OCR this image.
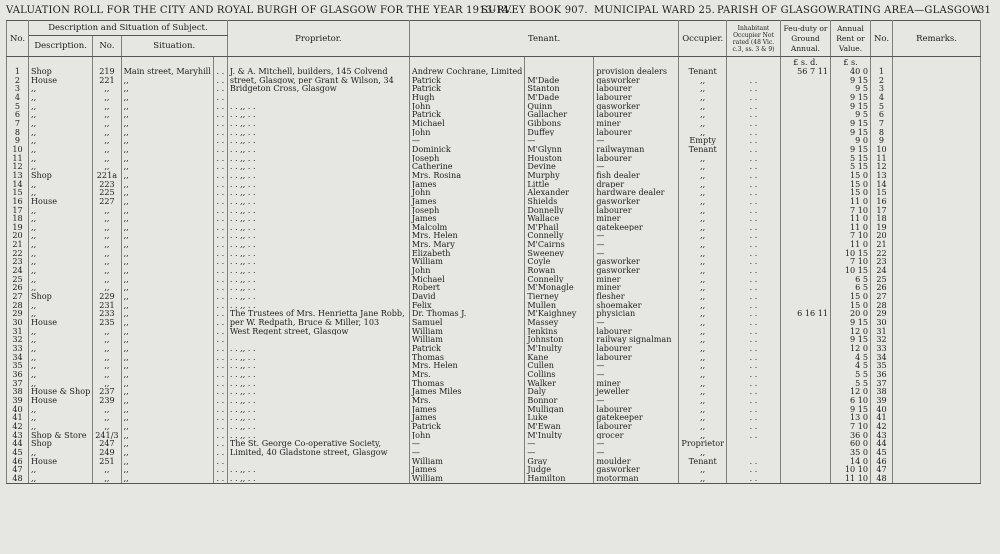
VALUATION ROLL FOR THE CITY AND ROYAL BURGH OF GLASGOW FOR THE YEAR 1913-14.
SURVEY BOOK 907. MUNICIPAL WARD 25. PARISH OF GLASGOW. RATING AREA—GLASGOW
31
No.	Description and Situation of Subject.				Proprietor.	Tenant.			Occupier.	Inhabitant Occupier Not rated (48 Vic. c.3, ss. 3 & 9)	Feu-duty or Ground Annual.	Annual Rent or Value.	No.	Remarks.
	Description.	No.	Situation.											
											£ s. d.	£ s.		
1	Shop	219	Main street, Maryhill	. .	J. & A. Mitchell, builders, 145 Colvend	Andrew Cochrane, Limited		provision dealers	Tenant		56 7 11	40 0	1	
2	House	221	,,	. .	street, Glasgow, per Grant & Wilson, 34	Patrick	M'Dade	gasworker	,,	. .		9 15	2	
3	,,	,,	,,	. .	Bridgeton Cross, Glasgow	Patrick	Stanton	labourer	,,	. .		9 5	3	
4	,,	,,	,,	. .		Hugh	M'Dade	labourer	,,	. .		9 15	4	
5	,,	,,	,,	. .	. . ,, . .	John	Quinn	gasworker	,,	. .		9 15	5	
6	,,	,,	,,	. .	. . ,, . .	Patrick	Gallacher	labourer	,,	. .		9 5	6	
7	,,	,,	,,	. .	. . ,, . .	Michael	Gibbons	miner	,,	. .		9 15	7	
8	,,	,,	,,	. .	. . ,, . .	John	Duffey	labourer	,,	. .		9 15	8	
9	,,	,,	,,	. .	. . ,, . .	—	—	—	Empty	. .		9 0	9	
10	,,	,,	,,	. .	. . ,, . .	Dominick	M'Glynn	railwayman	Tenant	. .		9 15	10	
11	,,	,,	,,	. .	. . ,, . .	Joseph	Houston	labourer	,,	. .		5 15	11	
12	,,	,,	,,	. .	. . ,, . .	Catherine	Devine	—	,,	. .		5 15	12	
13	Shop	221a	,,	. .	. . ,, . .	Mrs. Rosina	Murphy	fish dealer	,,	. .		15 0	13	
14	,,	223	,,	. .	. . ,, . .	James	Little	draper	,,	. .		15 0	14	
15	,,	225	,,	. .	. . ,, . .	John	Alexander	hardware dealer	,,	. .		15 0	15	
16	House	227	,,	. .	. . ,, . .	James	Shields	gasworker	,,	. .		11 0	16	
17	,,	,,	,,	. .	. . ,, . .	Joseph	Donnelly	labourer	,,	. .		7 10	17	
18	,,	,,	,,	. .	. . ,, . .	James	Wallace	miner	,,	. .		11 0	18	
19	,,	,,	,,	. .	. . ,, . .	Malcolm	M'Phail	gatekeeper	,,	. .		11 0	19	
20	,,	,,	,,	. .	. . ,, . .	Mrs. Helen	Connelly	—	,,	. .		7 10	20	
21	,,	,,	,,	. .	. . ,, . .	Mrs. Mary	M'Cairns	—	,,	. .		11 0	21	
22	,,	,,	,,	. .	. . ,, . .	Elizabeth	Sweeney	—	,,	. .		10 15	22	
23	,,	,,	,,	. .	. . ,, . .	William	Coyle	gasworker	,,	. .		7 10	23	
24	,,	,,	,,	. .	. . ,, . .	John	Rowan	gasworker	,,	. .		10 15	24	
25	,,	,,	,,	. .	. . ,, . .	Michael	Connelly	miner	,,	. .		6 5	25	
26	,,	,,	,,	. .	. . ,, . .	Robert	M'Monagle	miner	,,	. .		6 5	26	
27	Shop	229	,,	. .	. . ,, . .	David	Tierney	flesher	,,	. .		15 0	27	
28	,,	231	,,	. .	. . ,, . .	Felix	Mullen	shoemaker	,,	. .		15 0	28	
29	,,	233	,,	. .	The Trustees of Mrs. Henrietta Jane Robb,	Dr. Thomas J.	M'Kaighney	physician	,,	. .	6 16 11	20 0	29	
30	House	235	,,	. .	per W. Redpath, Bruce & Miller, 103	Samuel	Massey	—	,,	. .		9 15	30	
31	,,	,,	,,	. .	West Regent street, Glasgow	William	Jenkins	labourer	,,	. .		12 0	31	
32	,,	,,	,,	. .		William	Johnston	railway signalman	,,	. .		9 15	32	
33	,,	,,	,,	. .	. . ,, . .	Patrick	M'Inulty	labourer	,,	. .		12 0	33	
34	,,	,,	,,	. .	. . ,, . .	Thomas	Kane	labourer	,,	. .		4 5	34	
35	,,	,,	,,	. .	. . ,, . .	Mrs. Helen	Cullen	—	,,	. .		4 5	35	
36	,,	,,	,,	. .	. . ,, . .	Mrs.	Collins	—	,,	. .		5 5	36	
37	,,	,,	,,	. .	. . ,, . .	Thomas	Walker	miner	,,	. .		5 5	37	
38	House & Shop	237	,,	. .	. . ,, . .	James Miles	Daly	jeweller	,,	. .		12 0	38	
39	House	239	,,	. .	. . ,, . .	Mrs.	Bonnor	—	,,	. .		6 10	39	
40	,,	,,	,,	. .	. . ,, . .	James	Mulligan	labourer	,,	. .		9 15	40	
41	,,	,,	,,	. .	. . ,, . .	James	Luke	gatekeeper	,,	. .		13 0	41	
42	,,	,,	,,	. .	. . ,, . .	Patrick	M'Ewan	labourer	,,	. .		7 10	42	
43	Shop & Store	241/3	,,	. .	. . ,, . .	John	M'Inulty	grocer	,,	. .		36 0	43	
44	Shop	247	,,	. .	The St. George Co-operative Society,	—	—	—	Proprietor			60 0	44	
45	,,	249	,,	. .	Limited, 40 Gladstone street, Glasgow	—	—	—	,,			35 0	45	
46	House	251	,,	. .		William	Gray	moulder	Tenant	. .		14 0	46	
47	,,	,,	,,	. .	. . ,, . .	James	Judge	gasworker	,,	. .		10 10	47	
48	,,	,,	,,	. .	. . ,, . .	William	Hamilton	motorman	,,	. .		11 10	48	
